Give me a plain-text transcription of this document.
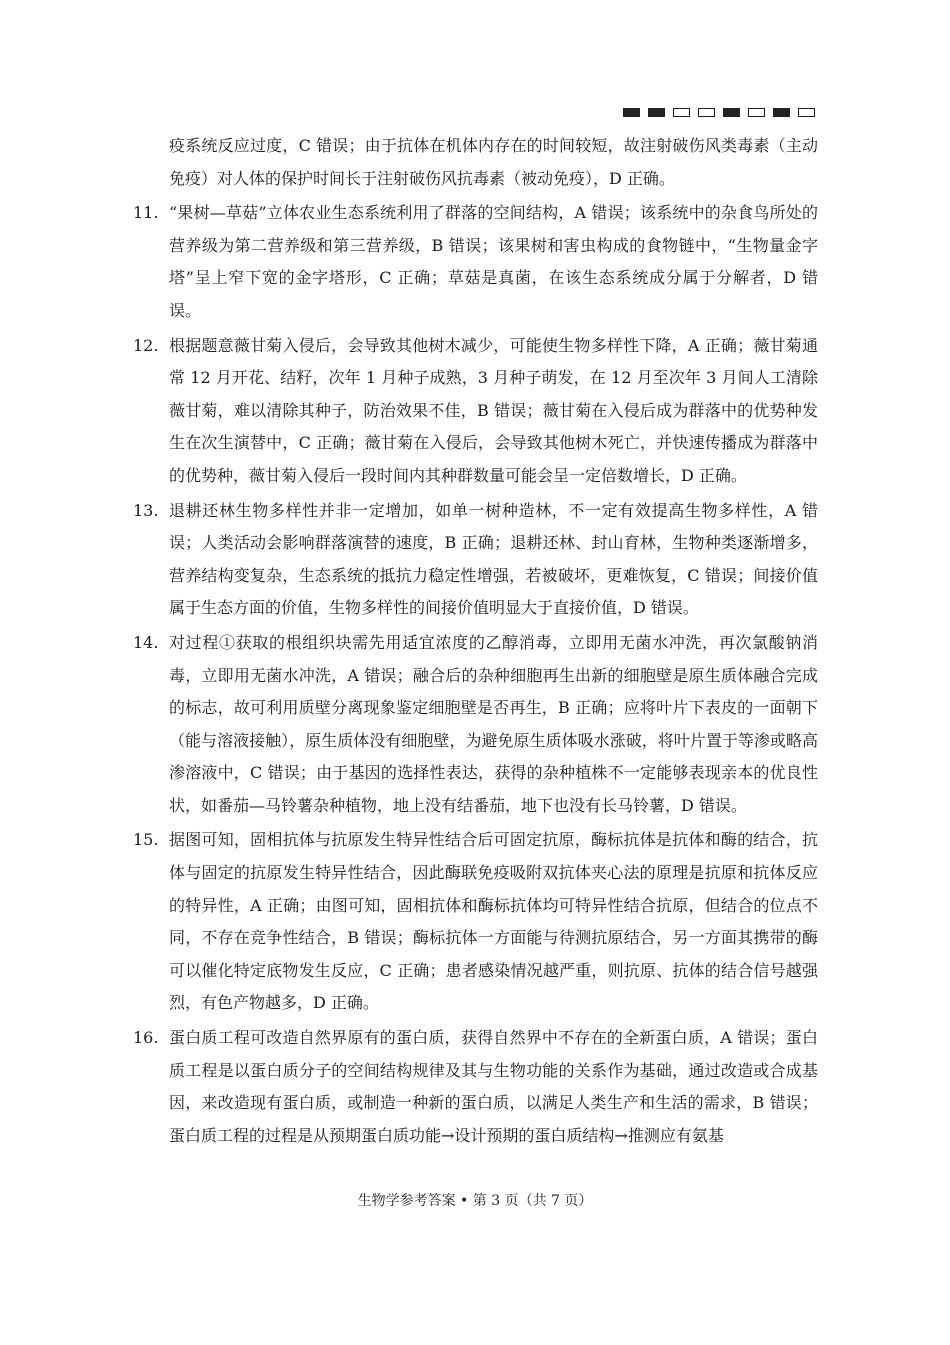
疫系统反应过度，C 错误；由于抗体在机体内存在的时间较短，故注射破伤风类毒素（主动免疫）对人体的保护时间长于注射破伤风抗毒素（被动免疫），D 正确。
11. “果树—草菇”立体农业生态系统利用了群落的空间结构，A 错误；该系统中的杂食鸟所处的营养级为第二营养级和第三营养级，B 错误；该果树和害虫构成的食物链中，“生物量金字塔”呈上窄下宽的金字塔形，C 正确；草菇是真菌，在该生态系统成分属于分解者，D 错误。
12. 根据题意薇甘菊入侵后，会导致其他树木减少，可能使生物多样性下降，A 正确；薇甘菊通常 12 月开花、结籽，次年 1 月种子成熟，3 月种子萌发，在 12 月至次年 3 月间人工清除薇甘菊，难以清除其种子，防治效果不佳，B 错误；薇甘菊在入侵后成为群落中的优势种发生在次生演替中，C 正确；薇甘菊在入侵后，会导致其他树木死亡，并快速传播成为群落中的优势种，薇甘菊入侵后一段时间内其种群数量可能会呈一定倍数增长，D 正确。
13. 退耕还林生物多样性并非一定增加，如单一树种造林，不一定有效提高生物多样性，A 错误；人类活动会影响群落演替的速度，B 正确；退耕还林、封山育林，生物种类逐渐增多，营养结构变复杂，生态系统的抵抗力稳定性增强，若被破坏，更难恢复，C 错误；间接价值属于生态方面的价值，生物多样性的间接价值明显大于直接价值，D 错误。
14. 对过程①获取的根组织块需先用适宜浓度的乙醇消毒，立即用无菌水冲洗，再次氯酸钠消毒，立即用无菌水冲洗，A 错误；融合后的杂种细胞再生出新的细胞壁是原生质体融合完成的标志，故可利用质壁分离现象鉴定细胞壁是否再生，B 正确；应将叶片下表皮的一面朝下（能与溶液接触），原生质体没有细胞壁，为避免原生质体吸水涨破，将叶片置于等渗或略高渗溶液中，C 错误；由于基因的选择性表达，获得的杂种植株不一定能够表现亲本的优良性状，如番茄—马铃薯杂种植物，地上没有结番茄，地下也没有长马铃薯，D 错误。
15. 据图可知，固相抗体与抗原发生特异性结合后可固定抗原，酶标抗体是抗体和酶的结合，抗体与固定的抗原发生特异性结合，因此酶联免疫吸附双抗体夹心法的原理是抗原和抗体反应的特异性，A 正确；由图可知，固相抗体和酶标抗体均可特异性结合抗原，但结合的位点不同，不存在竞争性结合，B 错误；酶标抗体一方面能与待测抗原结合，另一方面其携带的酶可以催化特定底物发生反应，C 正确；患者感染情况越严重，则抗原、抗体的结合信号越强烈，有色产物越多，D 正确。
16. 蛋白质工程可改造自然界原有的蛋白质，获得自然界中不存在的全新蛋白质，A 错误；蛋白质工程是以蛋白质分子的空间结构规律及其与生物功能的关系作为基础，通过改造或合成基因，来改造现有蛋白质，或制造一种新的蛋白质，以满足人类生产和生活的需求，B 错误；蛋白质工程的过程是从预期蛋白质功能→设计预期的蛋白质结构→推测应有氨基
生物学参考答案 • 第 3 页（共 7 页）
